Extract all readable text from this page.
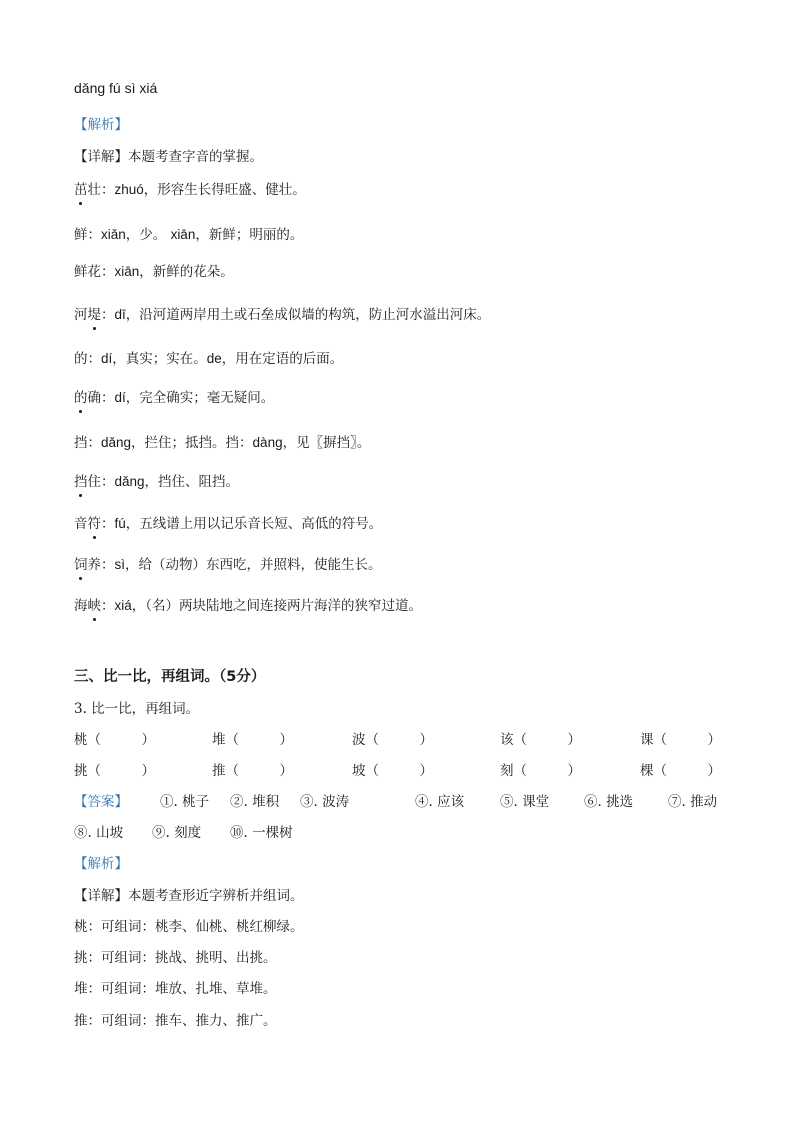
dǎng fú sì xiá
【解析】
【详解】本题考查字音的掌握。
茁壮：zhuó，形容生长得旺盛、健壮。
鲜：xiǎn，少。 xiān，新鲜；明丽的。
鲜花：xiān，新鲜的花朵。
河堤：dī，沿河道两岸用土或石垒成似墙的构筑，防止河水溢出河床。
的：dí，真实；实在。de，用在定语的后面。
的确：dí，完全确实；毫无疑问。
挡：dǎng，拦住；抵挡。挡：dàng，见〖摒挡〗。
挡住：dǎng，挡住、阻挡。
音符：fú，五线谱上用以记乐音长短、高低的符号。
饲养：sì，给（动物）东西吃，并照料，使能生长。
海峡：xiá，（名）两块陆地之间连接两片海洋的狭窄过道。
三、比一比，再组词。（5分）
3. 比一比，再组词。
桃（　　　）	堆（　　　）	波（　　　）	该（　　　）	课（　　　）
挑（　　　）	推（　　　）	坡（　　　）	刻（　　　）	棵（　　　）
【答案】 ①. 桃子 ②. 堆积 ③. 波涛	④. 应该	⑤. 课堂	⑥. 挑选	⑦. 推动
⑧. 山坡 ⑨. 刻度 ⑩. 一棵树
【解析】
【详解】本题考查形近字辨析并组词。
桃：可组词：桃李、仙桃、桃红柳绿。
挑：可组词：挑战、挑明、出挑。
堆：可组词：堆放、扎堆、草堆。
推：可组词：推车、推力、推广。
